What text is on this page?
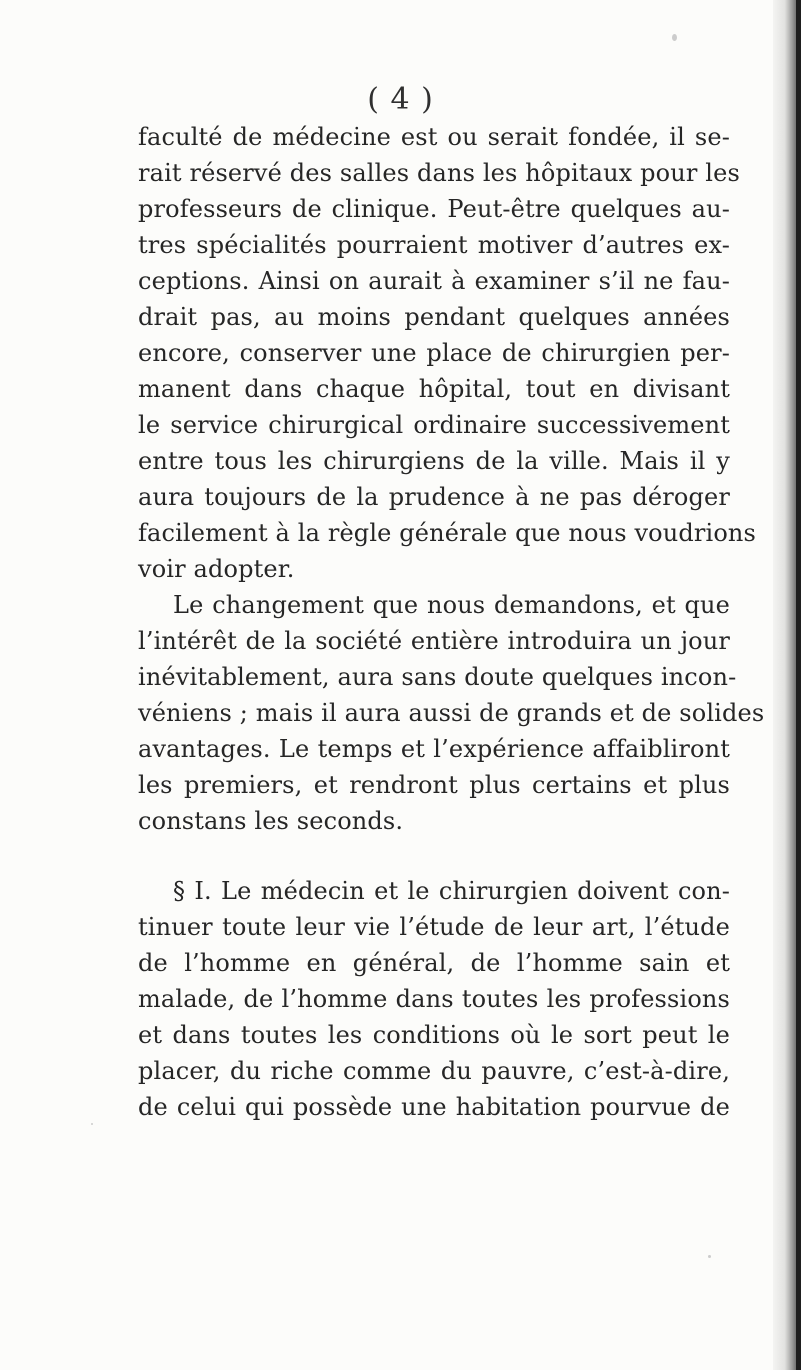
( 4 )
faculté de médecine est ou serait fondée, il se-
rait réservé des salles dans les hôpitaux pour les
professeurs de clinique. Peut-être quelques au-
tres spécialités pourraient motiver d’autres ex-
ceptions. Ainsi on aurait à examiner s’il ne fau-
drait pas, au moins pendant quelques années
encore, conserver une place de chirurgien per-
manent dans chaque hôpital, tout en divisant
le service chirurgical ordinaire successivement
entre tous les chirurgiens de la ville. Mais il y
aura toujours de la prudence à ne pas déroger
facilement à la règle générale que nous voudrions
voir adopter.
Le changement que nous demandons, et que
l’intérêt de la société entière introduira un jour
inévitablement, aura sans doute quelques incon-
véniens ; mais il aura aussi de grands et de solides
avantages. Le temps et l’expérience affaibliront
les premiers, et rendront plus certains et plus
constans les seconds.
§ I. Le médecin et le chirurgien doivent con-
tinuer toute leur vie l’étude de leur art, l’étude
de l’homme en général, de l’homme sain et
malade, de l’homme dans toutes les professions
et dans toutes les conditions où le sort peut le
placer, du riche comme du pauvre, c’est-à-dire,
de celui qui possède une habitation pourvue de
